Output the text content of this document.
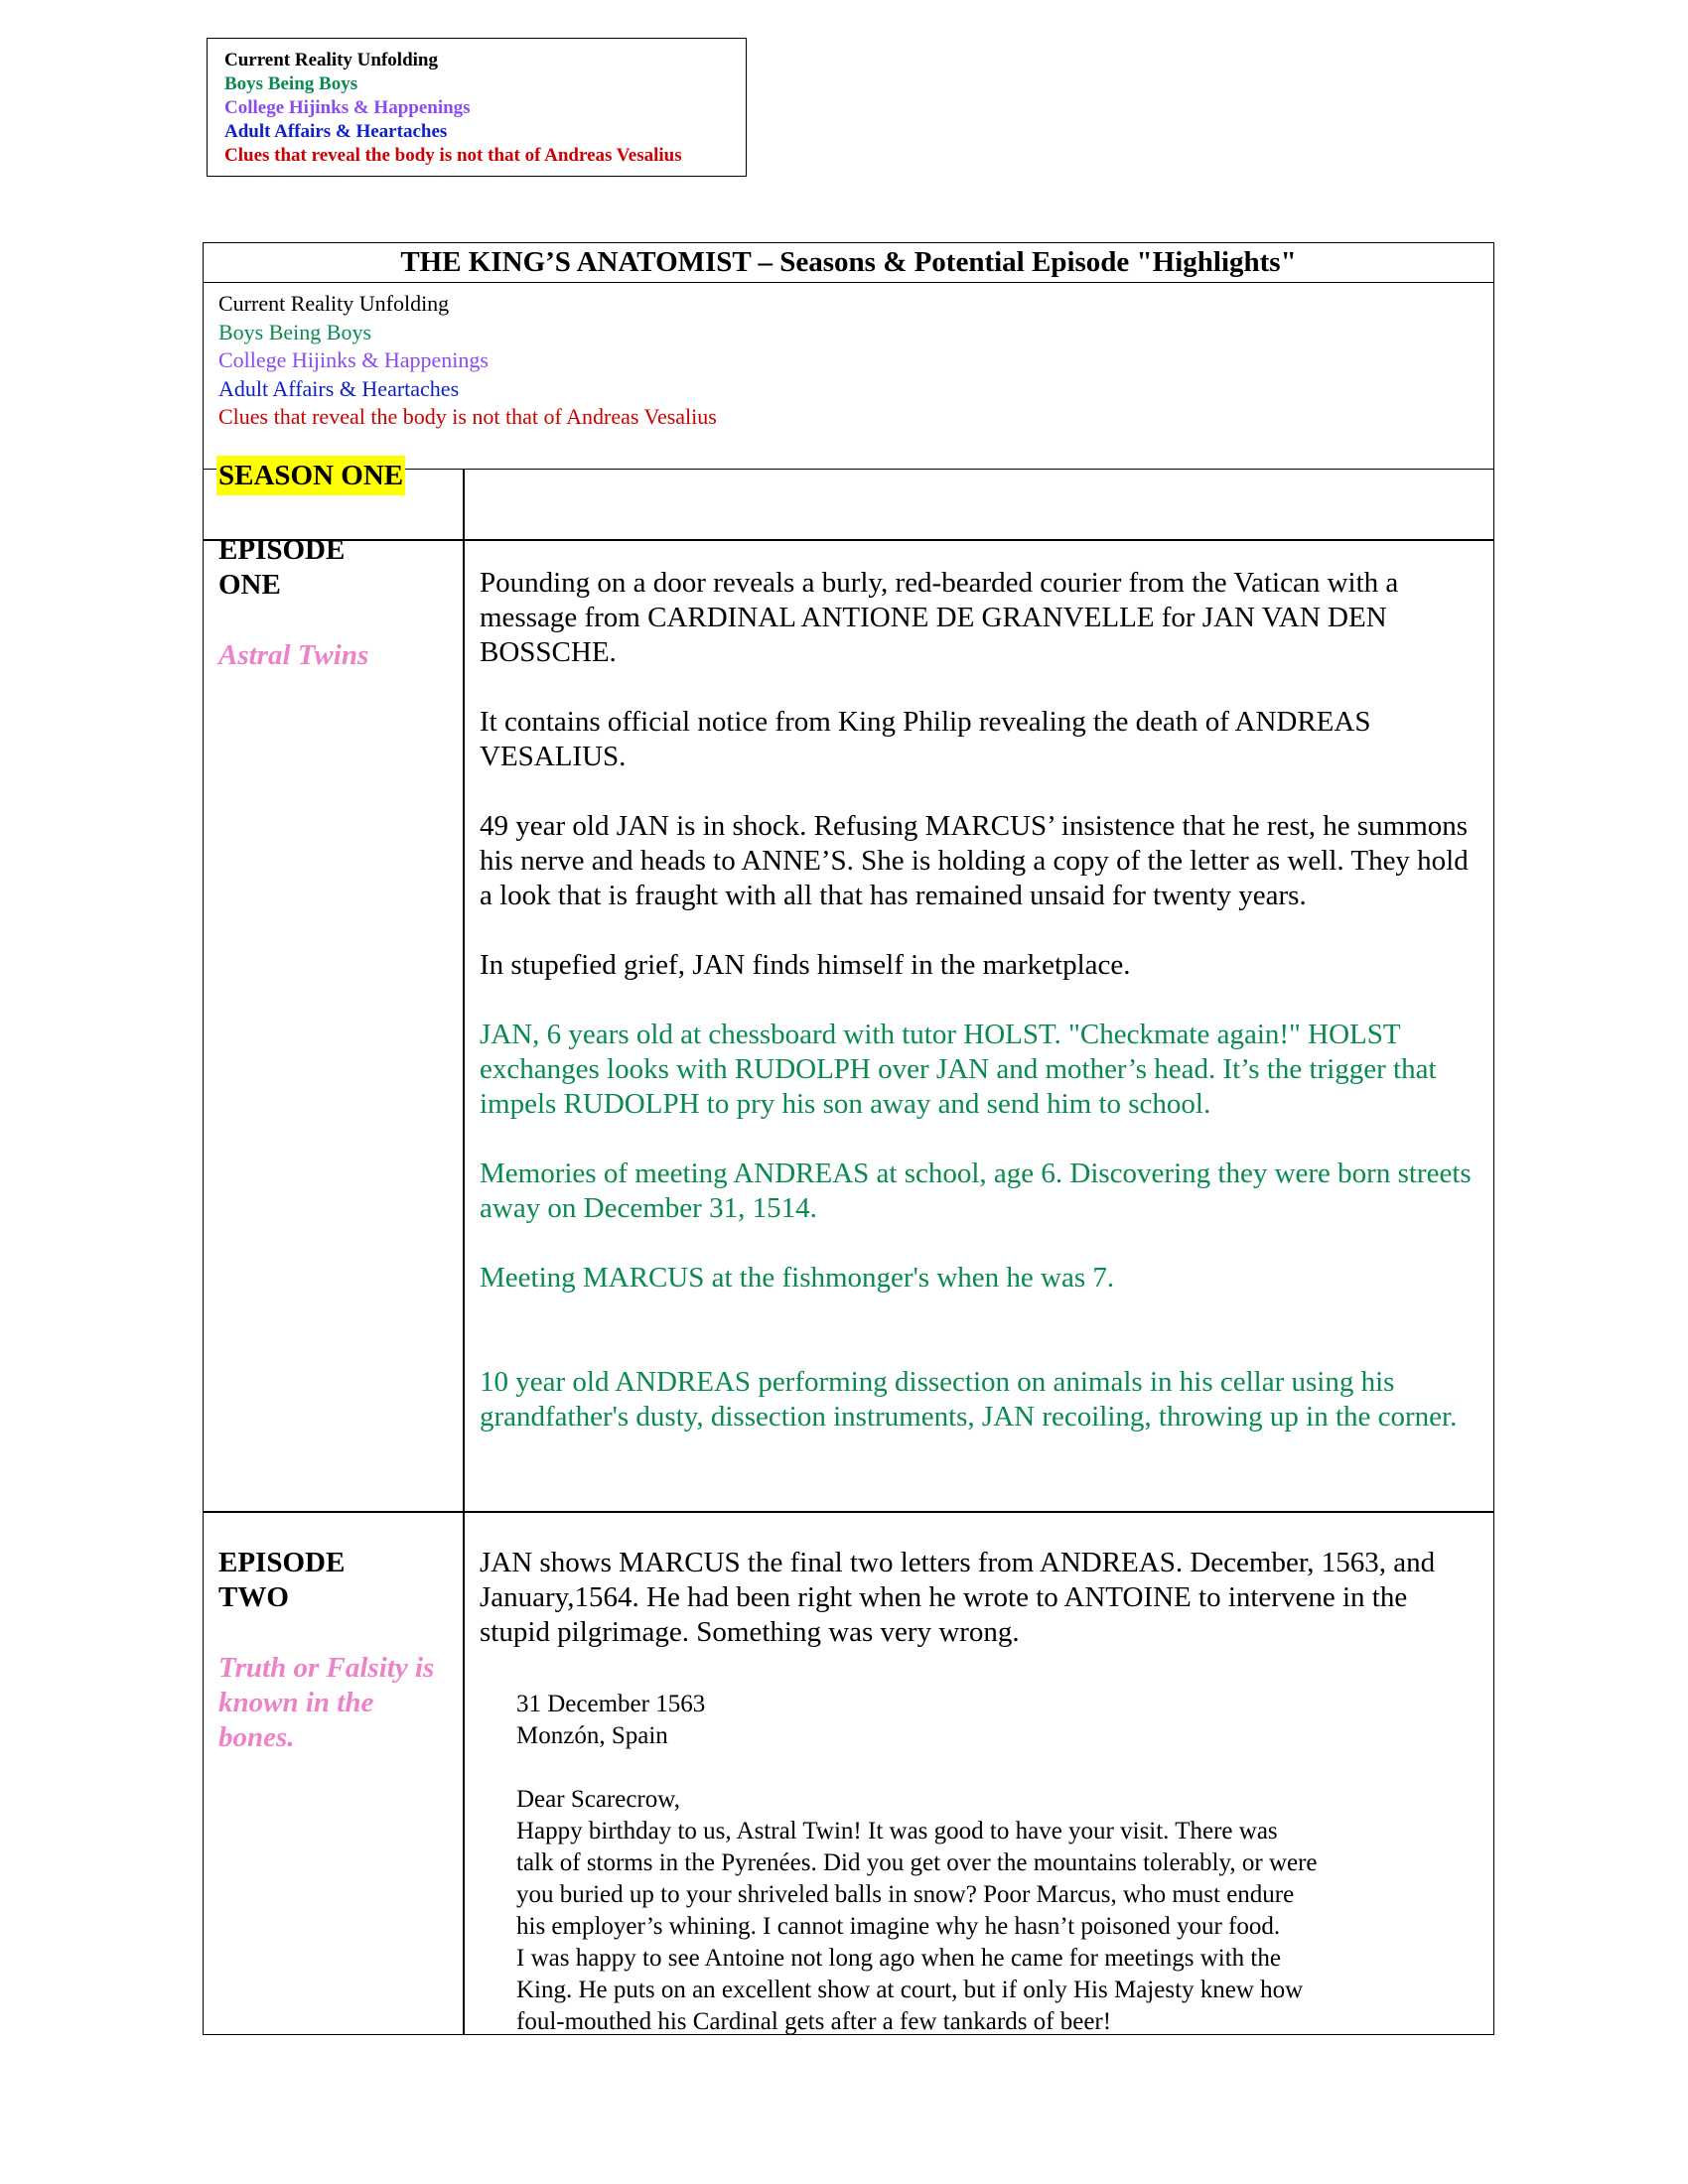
Current Reality Unfolding
Boys Being Boys
College Hijinks & Happenings
Adult Affairs & Heartaches
Clues that reveal the body is not that of Andreas Vesalius
THE KING’S ANATOMIST – Seasons & Potential Episode "Highlights"
Current Reality Unfolding
Boys Being Boys
College Hijinks & Happenings
Adult Affairs & Heartaches
Clues that reveal the body is not that of Andreas Vesalius
SEASON ONE
EPISODE
ONE
Astral Twins

Pounding on a door reveals a burly, red-bearded courier from the Vatican with a message from CARDINAL ANTIONE DE GRANVELLE for JAN VAN DEN BOSSCHE.

It contains official notice from King Philip revealing the death of ANDREAS VESALIUS.

49 year old JAN is in shock. Refusing MARCUS’ insistence that he rest, he summons his nerve and heads to ANNE’S. She is holding a copy of the letter as well. They hold a look that is fraught with all that has remained unsaid for twenty years.

In stupefied grief, JAN finds himself in the marketplace.

JAN, 6 years old at chessboard with tutor HOLST. "Checkmate again!" HOLST exchanges looks with RUDOLPH over JAN and mother’s head. It’s the trigger that impels RUDOLPH to pry his son away and send him to school.

Memories of meeting ANDREAS at school, age 6. Discovering they were born streets away on December 31, 1514.

Meeting MARCUS at the fishmonger's when he was 7.

10 year old ANDREAS performing dissection on animals in his cellar using his grandfather's dusty, dissection instruments, JAN recoiling, throwing up in the corner.

EPISODE
TWO
Truth or Falsity is known in the bones.

JAN shows MARCUS the final two letters from ANDREAS. December, 1563, and January,1564. He had been right when he wrote to ANTOINE to intervene in the stupid pilgrimage. Something was very wrong.

31 December 1563
Monzón, Spain
Dear Scarecrow,
Happy birthday to us, Astral Twin! It was good to have your visit. There was
talk of storms in the Pyrenées. Did you get over the mountains tolerably, or were
you buried up to your shriveled balls in snow? Poor Marcus, who must endure
his employer’s whining. I cannot imagine why he hasn’t poisoned your food.
I was happy to see Antoine not long ago when he came for meetings with the
King. He puts on an excellent show at court, but if only His Majesty knew how
foul-mouthed his Cardinal gets after a few tankards of beer!
